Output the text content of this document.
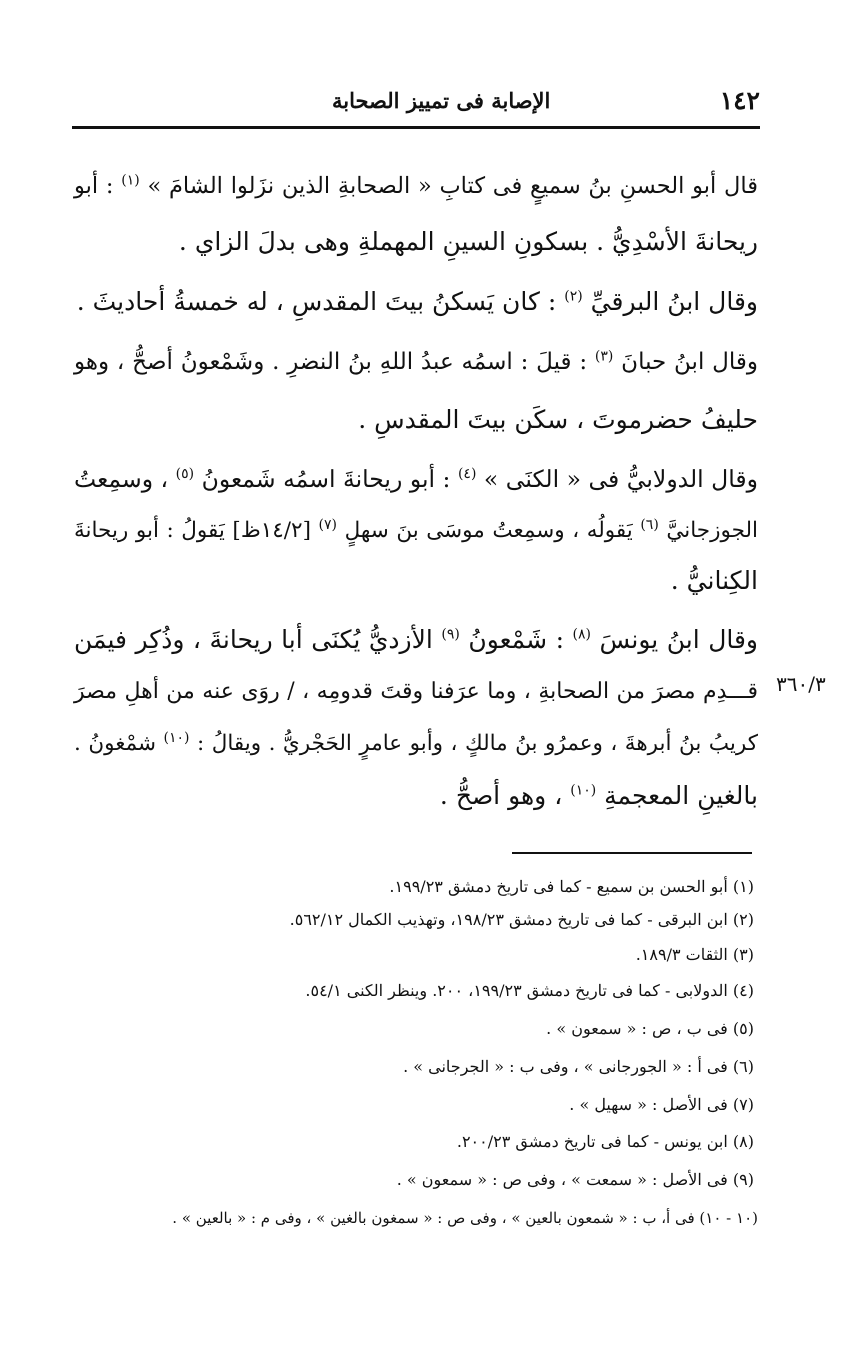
١٤٢
الإصابة فى تمييز الصحابة
٣٦٠/٣
قال أبو الحسنِ بنُ سميعٍ فى كتابِ « الصحابةِ الذين نزَلوا الشامَ » $^{(١)}$ : أبو
ريحانةَ الأسْدِيُّ . بسكونِ السينِ المهملةِ وهى بدلَ الزاي .
وقال ابنُ البرقيِّ $^{(٢)}$ : كان يَسكنُ بيتَ المقدسِ ، له خمسةُ أحاديثَ .
وقال ابنُ حبانَ $^{(٣)}$ : قيلَ : اسمُه عبدُ اللهِ بنُ النضرِ . وشَمْعونُ أصحُّ ، وهو
حليفُ حضرموتَ ، سكَن بيتَ المقدسِ .
وقال الدولابيُّ فى « الكنَى » $^{(٤)}$ : أبو ريحانةَ اسمُه شَمعونُ $^{(٥)}$ ، وسمِعتُ
الجوزجانيَّ $^{(٦)}$ يَقولُه ، وسمِعتُ موسَى بنَ سهلٍ $^{(٧)}$ [١٤/٢ظ] يَقولُ : أبو ريحانةَ
الكِنانيُّ .
وقال ابنُ يونسَ $^{(٨)}$ : شَمْعونُ $^{(٩)}$ الأزديُّ يُكنَى أبا ريحانةَ ، وذُكِر فيمَن
قـــدِم مصرَ من الصحابةِ ، وما عرَفنا وقتَ قدومِه ، / روَى عنه من أهلِ مصرَ
كريبُ بنُ أبرهةَ ، وعمرُو بنُ مالكٍ ، وأبو عامرٍ الحَجْريُّ . ويقالُ : $^{(١٠)}$ شمْغونُ .
بالغينِ المعجمةِ $^{(١٠)}$ ، وهو أصحُّ .
(١) أبو الحسن بن سميع - كما فى تاريخ دمشق ١٩٩/٢٣.
(٢) ابن البرقى - كما فى تاريخ دمشق ١٩٨/٢٣، وتهذيب الكمال ٥٦٢/١٢.
(٣) الثقات ١٨٩/٣.
(٤) الدولابى - كما فى تاريخ دمشق ١٩٩/٢٣، ٢٠٠. وينظر الكنى ٥٤/١.
(٥) فى ب ، ص : « سمعون » .
(٦) فى أ : « الجورجانى » ، وفى ب : « الجرجانى » .
(٧) فى الأصل : « سهيل » .
(٨) ابن يونس - كما فى تاريخ دمشق ٢٠٠/٢٣.
(٩) فى الأصل : « سمعت » ، وفى ص : « سمعون » .
(١٠ - ١٠) فى أ، ب : « شمعون بالعين » ، وفى ص : « سمغون بالغين » ، وفى م : « بالعين » .
